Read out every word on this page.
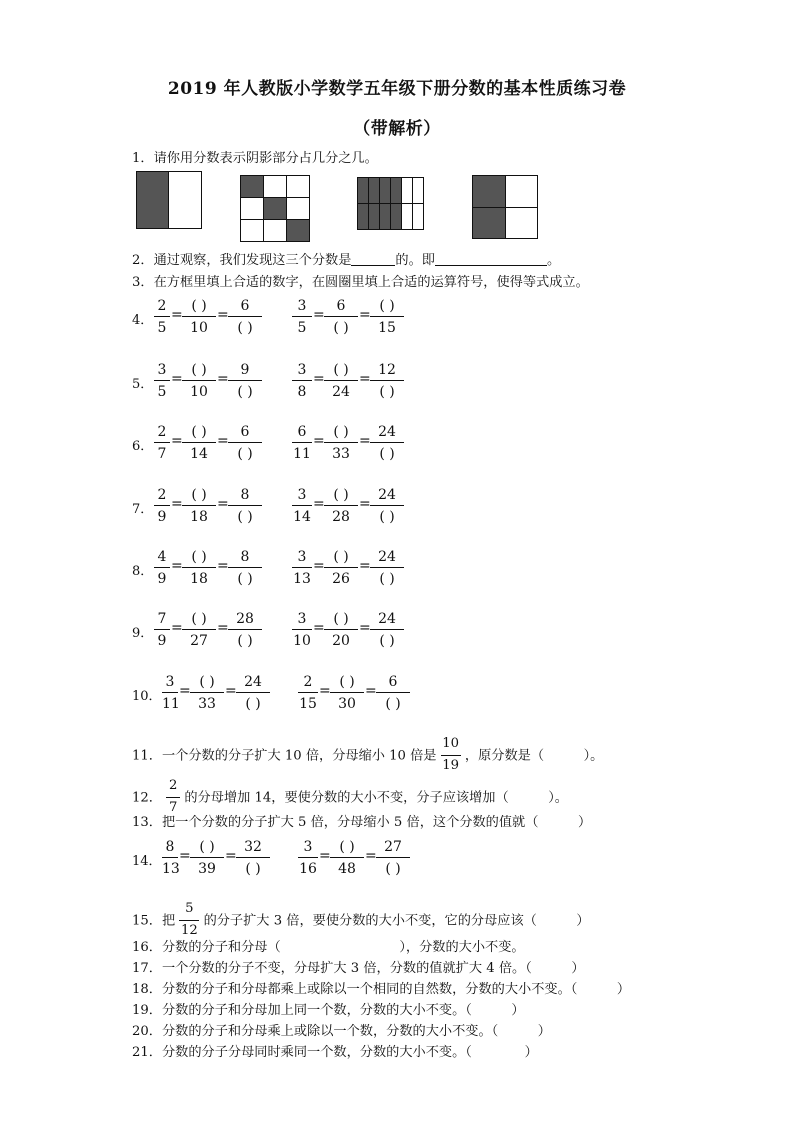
2019 年人教版小学数学五年级下册分数的基本性质练习卷
（带解析）
1．请你用分数表示阴影部分占几分之几。
2．通过观察，我们发现这三个分数是	的。即	。
3．在方框里填上合适的数字，在圆圈里填上合适的运算符号，使得等式成立。
4．
2
5
=
( )
10
=
6
( )
3
5
=
6
( )
=
( )
15
5．
3
5
=
( )
10
=
9
( )
3
8
=
( )
24
=
12
( )
6．
2
7
=
( )
14
=
6
( )
6
11
=
( )
33
=
24
( )
7．
2
9
=
( )
18
=
8
( )
3
14
=
( )
28
=
24
( )
8．
4
9
=
( )
18
=
8
( )
3
13
=
( )
26
=
24
( )
9．
7
9
=
( )
27
=
28
( )
3
10
=
( )
20
=
24
( )
10．
3
11
=
( )
33
=
24
( )
2
15
=
( )
30
=
6
( )
14．
8
13
=
( )
39
=
32
( )
3
16
=
( )
48
=
27
( )
11．一个分数的分子扩大 10 倍，分母缩小 10 倍是 $\frac{10}{19}$ ，原分数是（　　　）。
12． $\frac{2}{7}$ 的分母增加 14，要使分数的大小不变，分子应该增加（　　　）。
13．把一个分数的分子扩大 5 倍，分母缩小 5 倍，这个分数的值就（　　　）
15．把 $\frac{5}{12}$ 的分子扩大 3 倍，要使分数的大小不变，它的分母应该（　　　）
16．分数的分子和分母（　　　　　　　　　），分数的大小不变。
17．一个分数的分子不变，分母扩大 3 倍，分数的值就扩大 4 倍。（　　　）
18．分数的分子和分母都乘上或除以一个相同的自然数，分数的大小不变。（　　　）
19．分数的分子和分母加上同一个数，分数的大小不变。（　　　）
20．分数的分子和分母乘上或除以一个数，分数的大小不变。（　　　）
21．分数的分子分母同时乘同一个数，分数的大小不变。（　　　　）
